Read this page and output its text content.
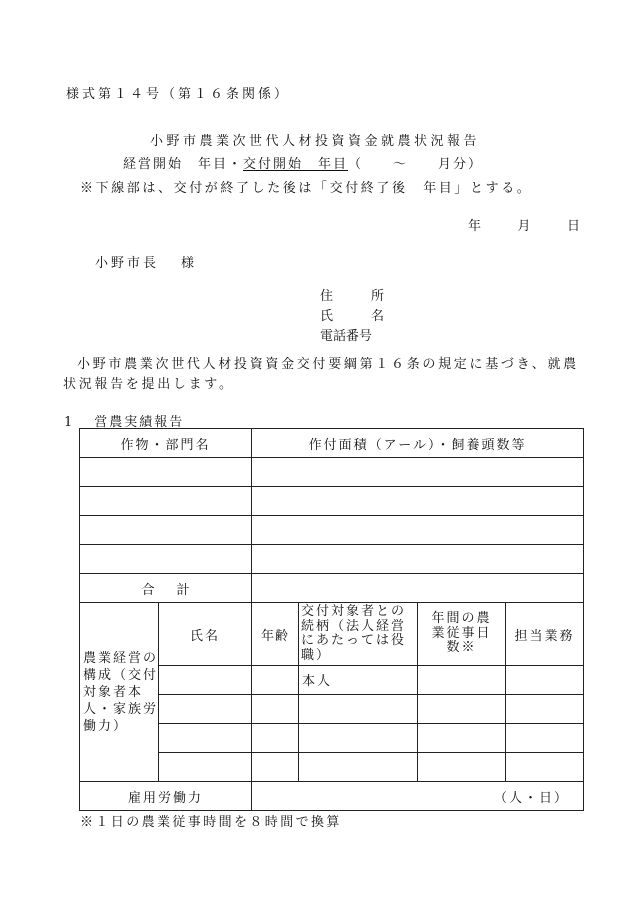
様式第１４号（第１６条関係）
小野市農業次世代人材投資資金就農状況報告
経営開始　年目・交付開始　年目（　　～　　月分）
※下線部は、交付が終了した後は「交付終了後　年目」とする。
年	月	日
小野市長 様
住	所
氏	名
電話番号
小野市農業次世代人材投資資金交付要綱第１６条の規定に基づき、就農状況報告を提出します。
1 営農実績報告
作物・部門名		作付面積（アール）・飼養頭数等			

合 計					
農業経営の構成（交付対象者本人・家族労働力）	氏名	年齢	交付対象者との続柄（法人経営にあたっては役職）	年間の農業従事日数※	担当業務
			本人		

雇用労働力		（人・日）			
※１日の農業従事時間を８時間で換算
